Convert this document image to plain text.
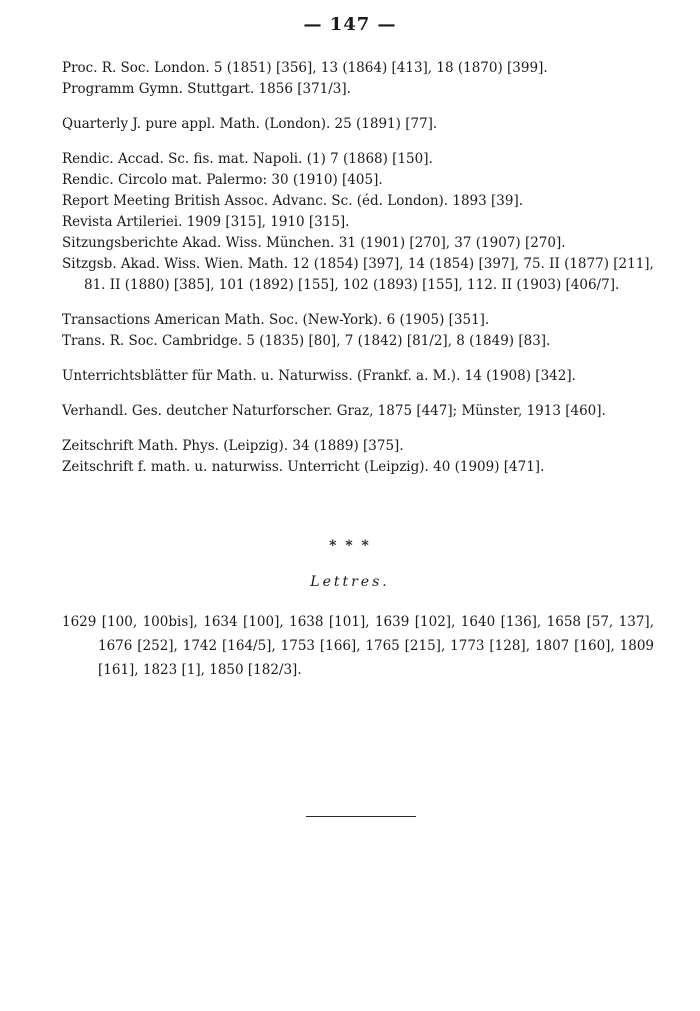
— 147 —
Proc. R. Soc. London. 5 (1851) [356], 13 (1864) [413], 18 (1870) [399].
Programm Gymn. Stuttgart. 1856 [371/3].
Quarterly J. pure appl. Math. (London). 25 (1891) [77].
Rendic. Accad. Sc. fis. mat. Napoli. (1) 7 (1868) [150].
Rendic. Circolo mat. Palermo: 30 (1910) [405].
Report Meeting British Assoc. Advanc. Sc. (éd. London). 1893 [39].
Revista Artileriei. 1909 [315], 1910 [315].
Sitzungsberichte Akad. Wiss. München. 31 (1901) [270], 37 (1907) [270].
Sitzgsb. Akad. Wiss. Wien. Math. 12 (1854) [397], 14 (1854) [397], 75. II (1877) [211], 81. II (1880) [385], 101 (1892) [155], 102 (1893) [155], 112. II (1903) [406/7].
Transactions American Math. Soc. (New-York). 6 (1905) [351].
Trans. R. Soc. Cambridge. 5 (1835) [80], 7 (1842) [81/2], 8 (1849) [83].
Unterrichtsblätter für Math. u. Naturwiss. (Frankf. a. M.). 14 (1908) [342].
Verhandl. Ges. deutcher Naturforscher. Graz, 1875 [447]; Münster, 1913 [460].
Zeitschrift Math. Phys. (Leipzig). 34 (1889) [375].
Zeitschrift f. math. u. naturwiss. Unterricht (Leipzig). 40 (1909) [471].
* * *
Lettres.
1629 [100, 100bis], 1634 [100], 1638 [101], 1639 [102], 1640 [136], 1658 [57, 137], 1676 [252], 1742 [164/5], 1753 [166], 1765 [215], 1773 [128], 1807 [160], 1809 [161], 1823 [1], 1850 [182/3].
